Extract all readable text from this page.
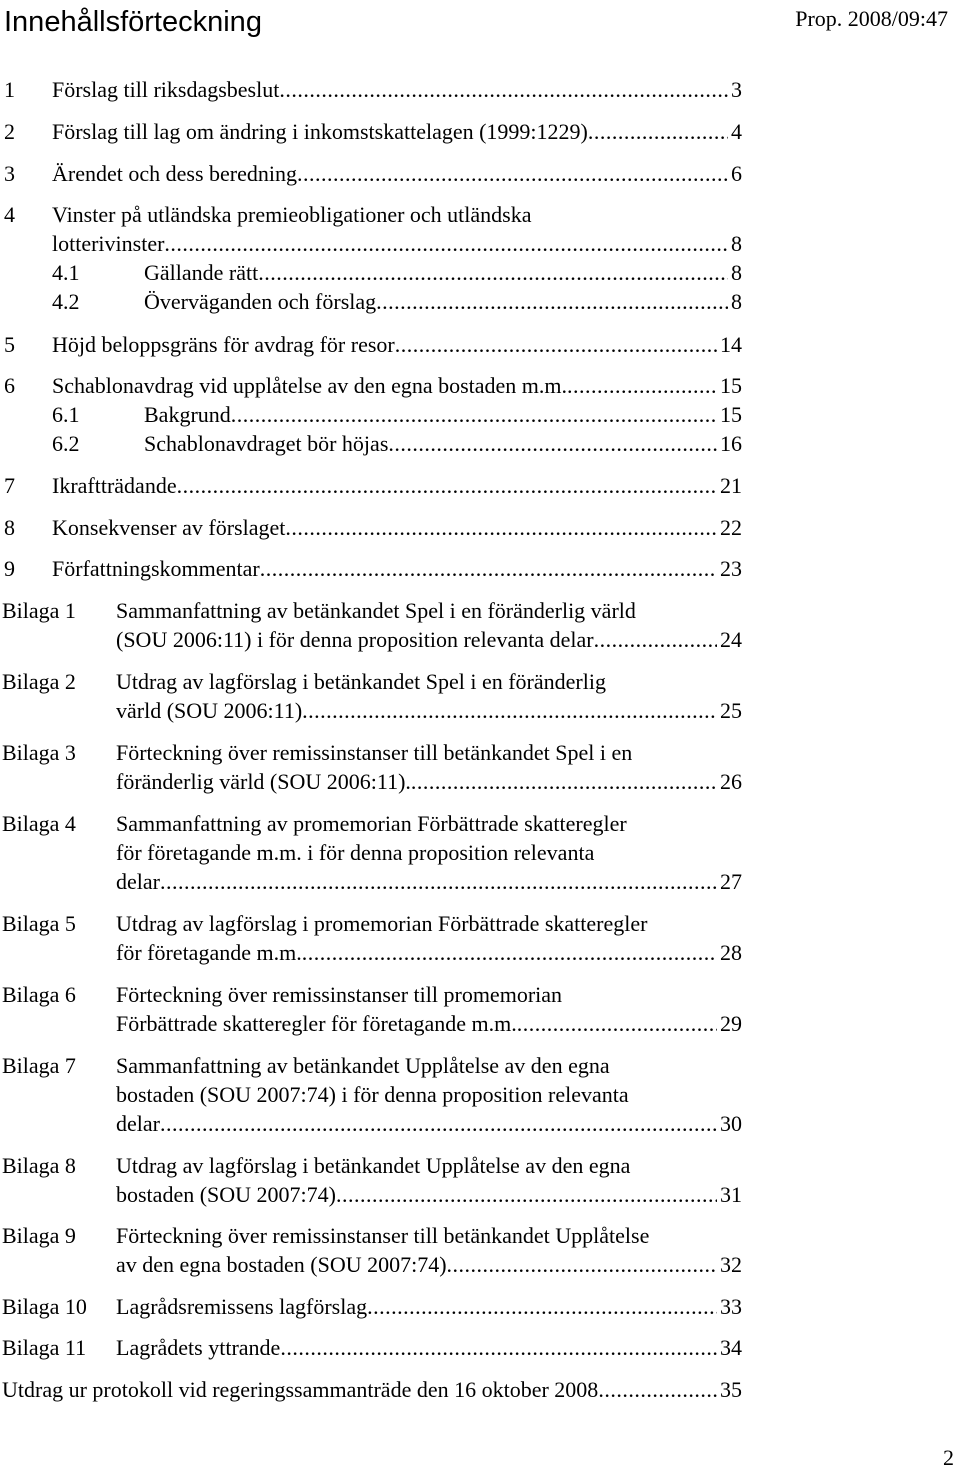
Innehållsförteckning	Prop. 2008/09:47
1 Förslag till riksdagsbeslut .....	3
2 Förslag till lag om ändring i inkomstskattelagen (1999:1229) .....	4
3 Ärendet och dess beredning .....	6
4 Vinster på utländska premieobligationer och utländska
lotterivinster .....	8
4.1	Gällande rätt .....	8
4.2	Överväganden och förslag .....	8
5 Höjd beloppsgräns för avdrag för resor .....	14
6 Schablonavdrag vid upplåtelse av den egna bostaden m.m. .....	15
6.1	Bakgrund .....	15
6.2	Schablonavdraget bör höjas .....	16
7 Ikraftträdande .....	21
8 Konsekvenser av förslaget .....	22
9 Författningskommentar .....	23
Bilaga 1 Sammanfattning av betänkandet Spel i en föränderlig värld
(SOU 2006:11) i för denna proposition relevanta delar .....	24
Bilaga 2 Utdrag av lagförslag i betänkandet Spel i en föränderlig
värld (SOU 2006:11) .....	25
Bilaga 3 Förteckning över remissinstanser till betänkandet Spel i en
föränderlig värld (SOU 2006:11). .....	26
Bilaga 4 Sammanfattning av promemorian Förbättrade skatteregler
för företagande m.m. i för denna proposition relevanta
delar .....	27
Bilaga 5 Utdrag av lagförslag i promemorian Förbättrade skatteregler
för företagande m.m. .....	28
Bilaga 6 Förteckning över remissinstanser till promemorian
Förbättrade skatteregler för företagande m.m. .....	29
Bilaga 7 Sammanfattning av betänkandet Upplåtelse av den egna
bostaden (SOU 2007:74) i för denna proposition relevanta
delar .....	30
Bilaga 8 Utdrag av lagförslag i betänkandet Upplåtelse av den egna
bostaden (SOU 2007:74) .....	31
Bilaga 9 Förteckning över remissinstanser till betänkandet Upplåtelse
av den egna bostaden (SOU 2007:74) .....	32
Bilaga 10 Lagrådsremissens lagförslag .....	33
Bilaga 11 Lagrådets yttrande .....	34
Utdrag ur protokoll vid regeringssammanträde den 16 oktober 2008 .....	35
2
